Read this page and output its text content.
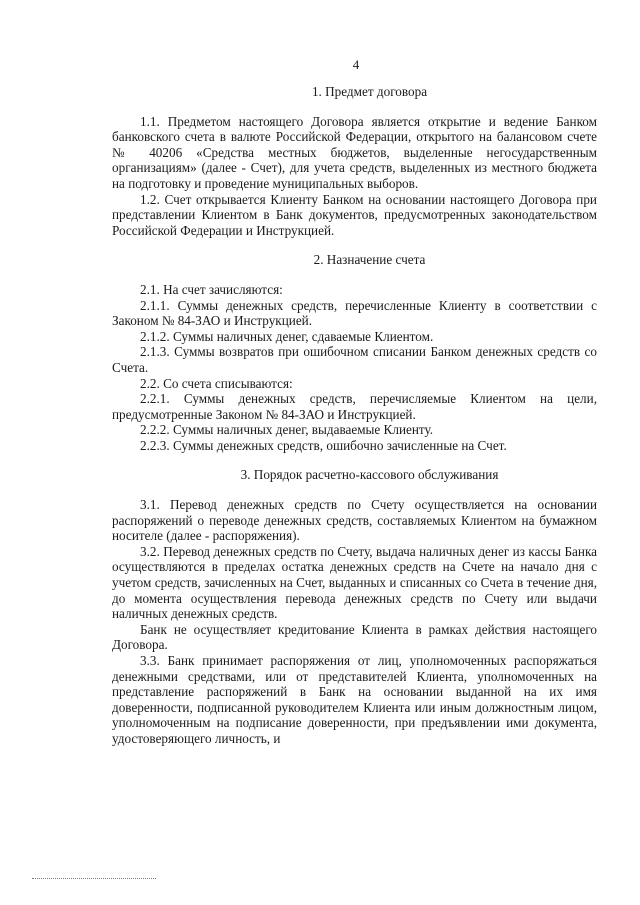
4

1. Предмет договора

1.1. Предметом настоящего Договора является открытие и ведение Банком банковского счета в валюте Российской Федерации, открытого на балансовом счете № 40206 «Средства местных бюджетов, выделенные негосударственным организациям» (далее - Счет), для учета средств, выделенных из местного бюджета на подготовку и проведение муниципальных выборов.

1.2. Счет открывается Клиенту Банком на основании настоящего Договора при представлении Клиентом в Банк документов, предусмотренных законодательством Российской Федерации и Инструкцией.

2. Назначение счета

2.1. На счет зачисляются:

2.1.1. Суммы денежных средств, перечисленные Клиенту в соответствии с Законом № 84-ЗАО и Инструкцией.

2.1.2. Суммы наличных денег, сдаваемые Клиентом.

2.1.3. Суммы возвратов при ошибочном списании Банком денежных средств со Счета.

2.2. Со счета списываются:

2.2.1. Суммы денежных средств, перечисляемые Клиентом на цели, предусмотренные Законом № 84-ЗАО и Инструкцией.

2.2.2. Суммы наличных денег, выдаваемые Клиенту.

2.2.3. Суммы денежных средств, ошибочно зачисленные на Счет.

3. Порядок расчетно-кассового обслуживания

3.1. Перевод денежных средств по Счету осуществляется на основании распоряжений о переводе денежных средств, составляемых Клиентом на бумажном носителе (далее - распоряжения).

3.2. Перевод денежных средств по Счету, выдача наличных денег из кассы Банка осуществляются в пределах остатка денежных средств на Счете на начало дня с учетом средств, зачисленных на Счет, выданных и списанных со Счета в течение дня, до момента осуществления перевода денежных средств по Счету или выдачи наличных денежных средств.

Банк не осуществляет кредитование Клиента в рамках действия настоящего Договора.

3.3. Банк принимает распоряжения от лиц, уполномоченных распоряжаться денежными средствами, или от представителей Клиента, уполномоченных на представление распоряжений в Банк на основании выданной на их имя доверенности, подписанной руководителем Клиента или иным должностным лицом, уполномоченным на подписание доверенности, при предъявлении ими документа, удостоверяющего личность, и
